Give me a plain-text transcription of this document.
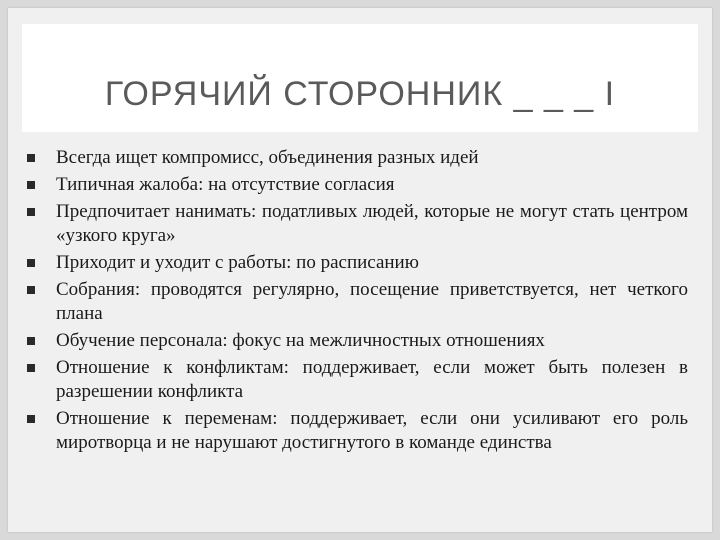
ГОРЯЧИЙ СТОРОННИК _ _ _ I
Всегда ищет компромисс, объединения разных идей
Типичная жалоба: на отсутствие согласия
Предпочитает нанимать: податливых людей, которые не могут стать центром «узкого круга»
Приходит и уходит с работы: по расписанию
Собрания: проводятся регулярно, посещение приветствуется, нет четкого плана
Обучение персонала: фокус на межличностных отношениях
Отношение к конфликтам: поддерживает, если может быть полезен в разрешении конфликта
Отношение к переменам: поддерживает, если они усиливают его роль миротворца и не нарушают достигнутого в команде единства
